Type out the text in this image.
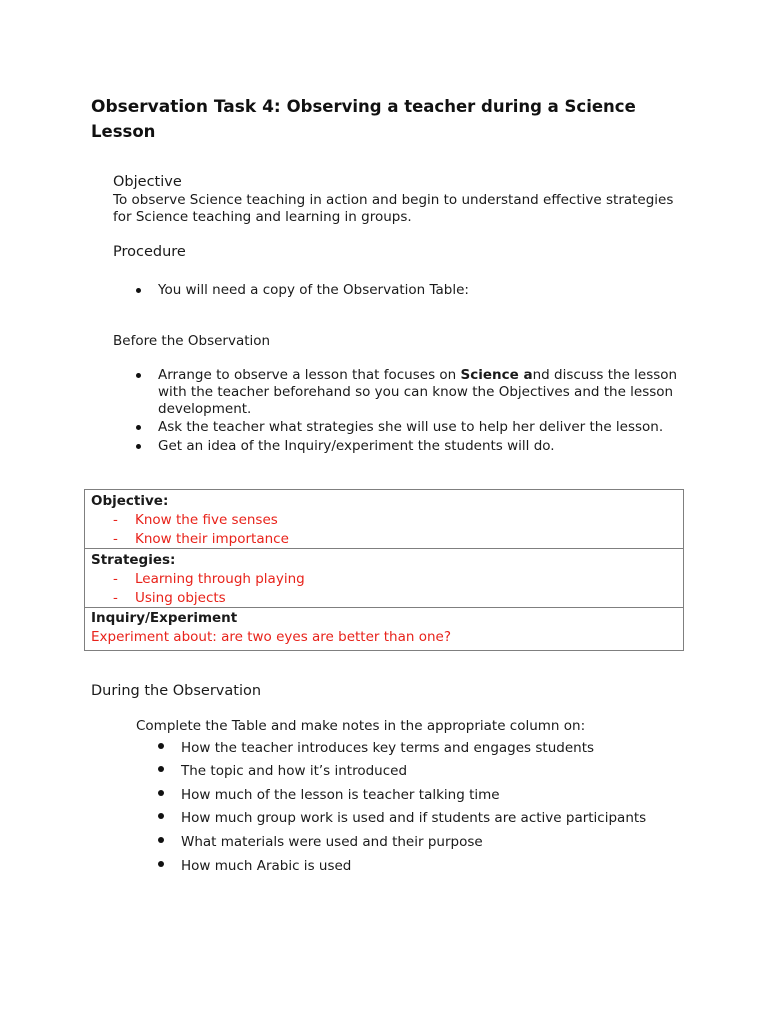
Observation Task 4: Observing a teacher during a Science
Lesson
Objective
To observe Science teaching in action and begin to understand effective strategies
for Science teaching and learning in groups.
Procedure
You will need a copy of the Observation Table:
Before the Observation
Arrange to observe a lesson that focuses on Science and discuss the lesson
with the teacher beforehand so you can know the Objectives and the lesson
development.
Ask the teacher what strategies she will use to help her deliver the lesson.
Get an idea of the Inquiry/experiment the students will do.
Objective:
- Know the five senses
- Know their importance
Strategies:
- Learning through playing
- Using objects
Inquiry/Experiment
Experiment about: are two eyes are better than one?
During the Observation
Complete the Table and make notes in the appropriate column on:
How the teacher introduces key terms and engages students
The topic and how it’s introduced
How much of the lesson is teacher talking time
How much group work is used and if students are active participants
What materials were used and their purpose
How much Arabic is used
